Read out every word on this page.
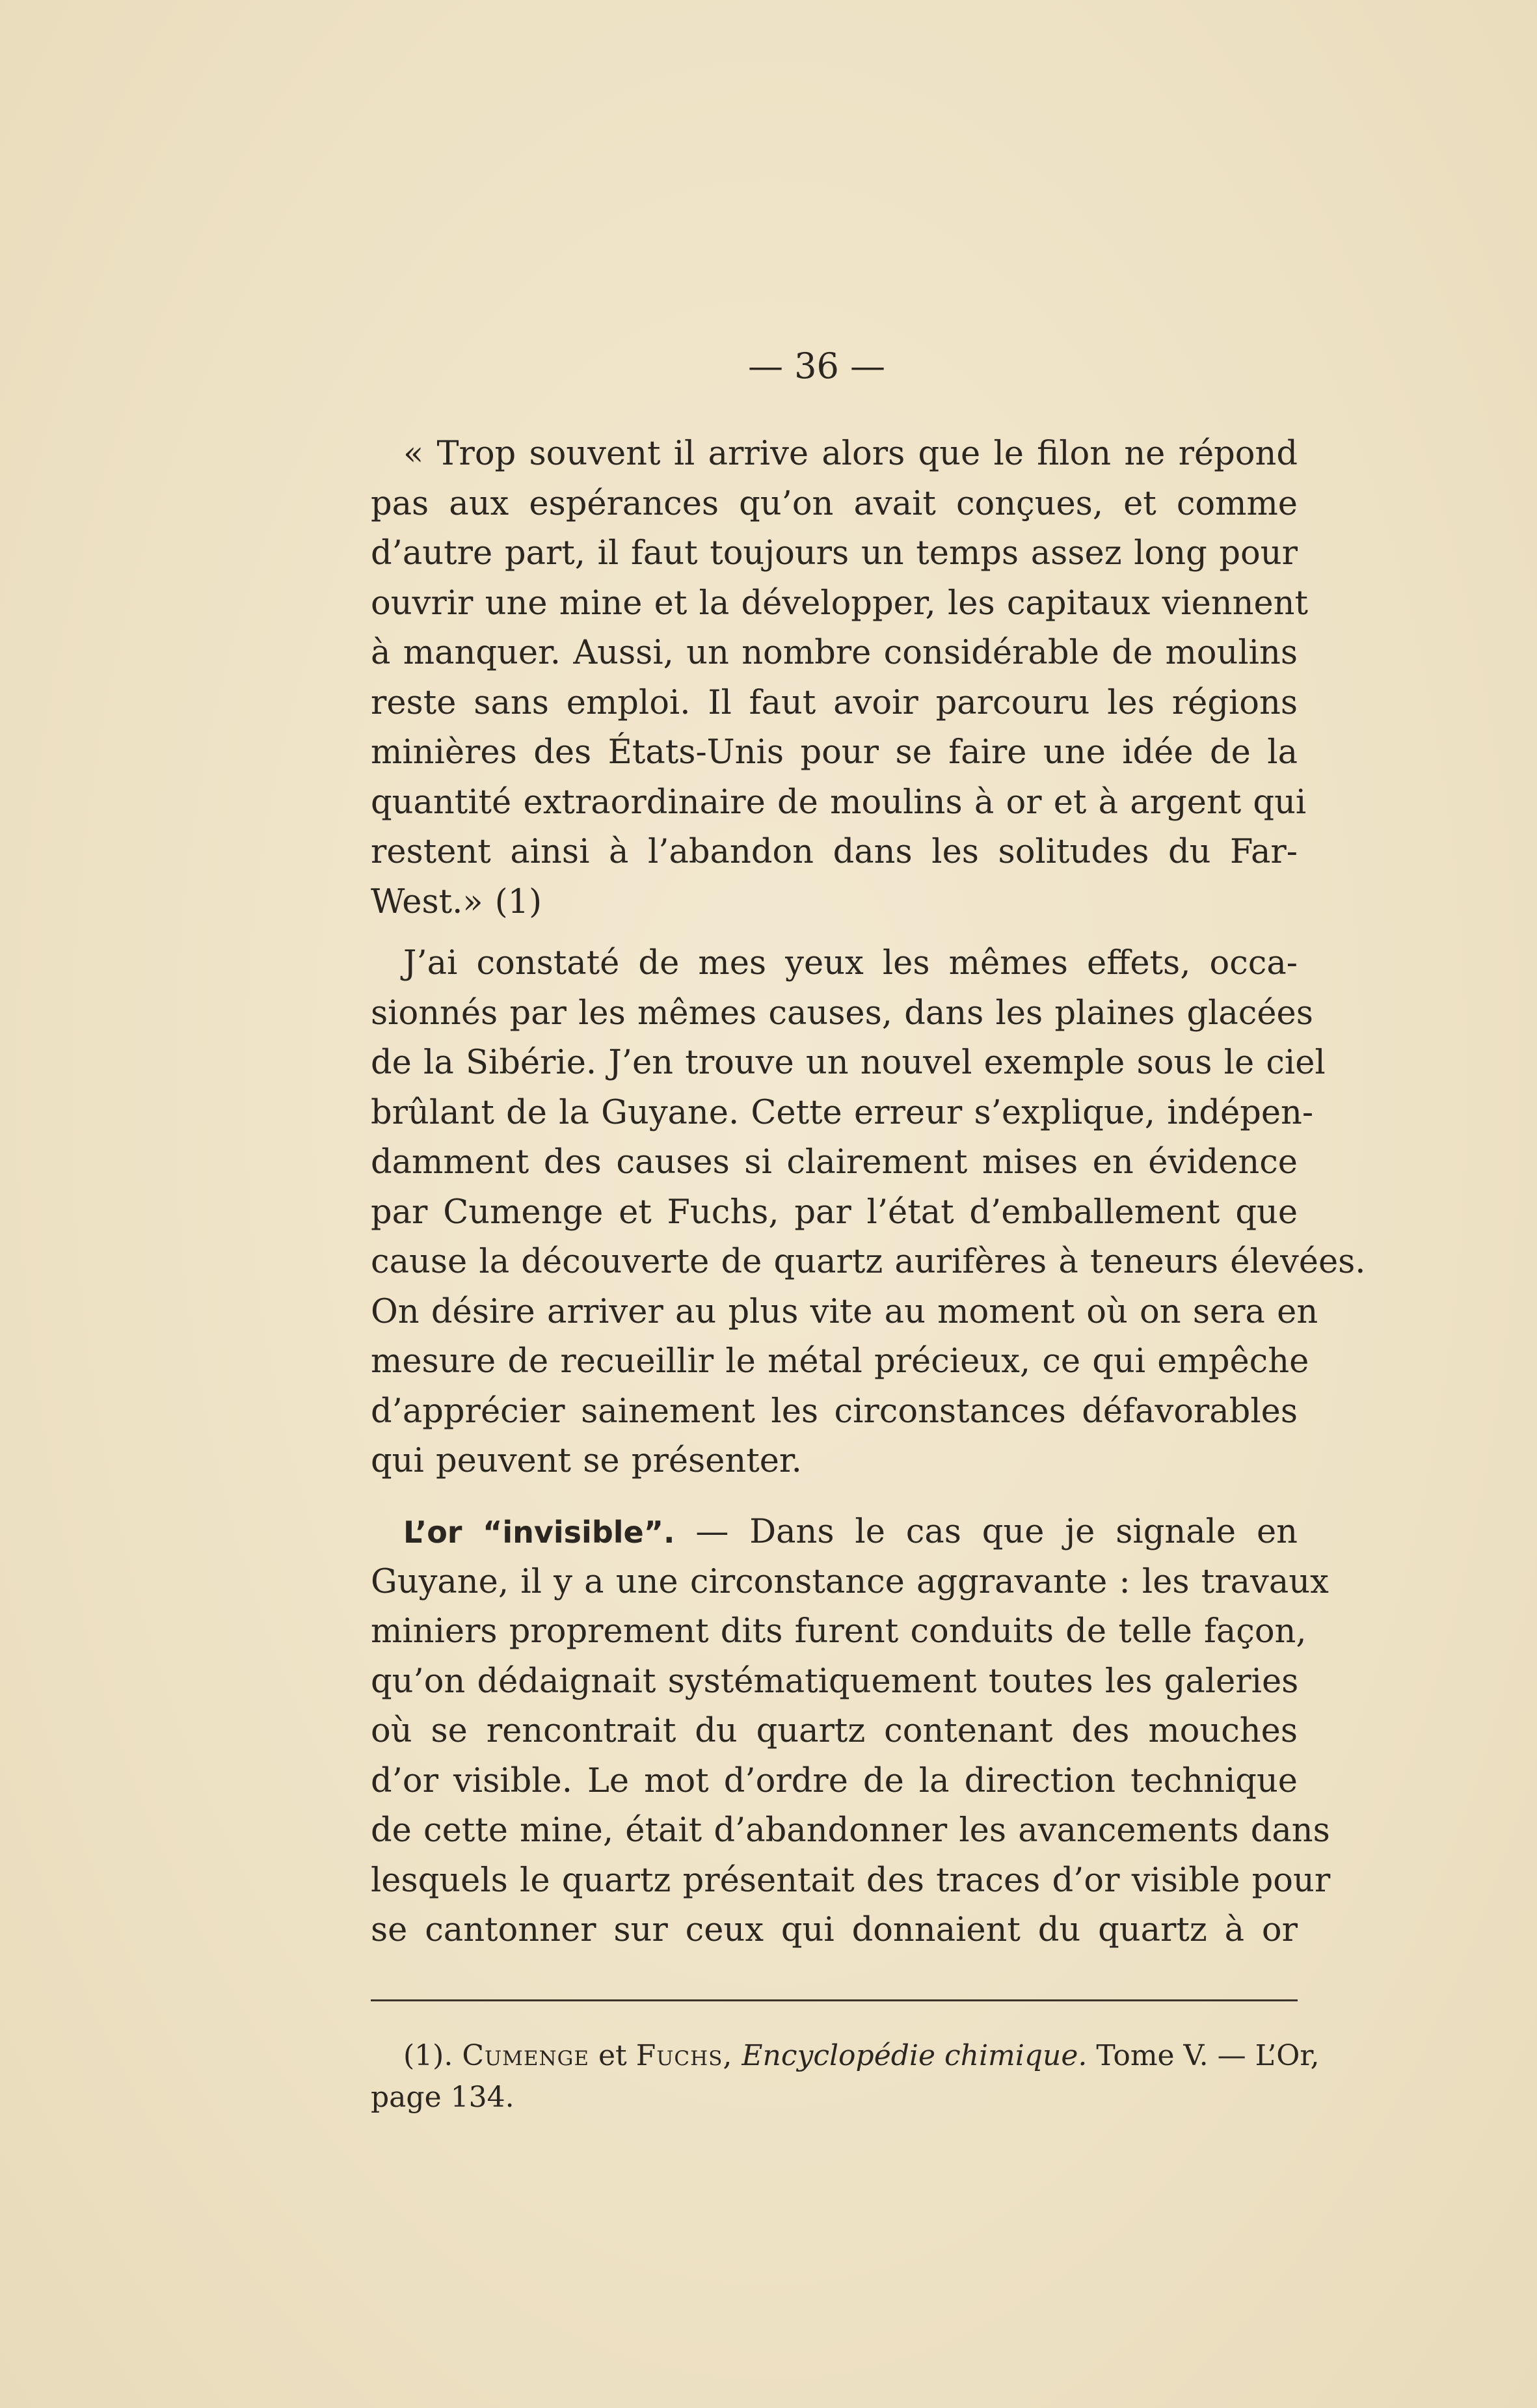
— 36 —

« Trop souvent il arrive alors que le filon ne répond
pas aux espérances qu’on avait conçues, et comme
d’autre part, il faut toujours un temps assez long pour
ouvrir une mine et la développer, les capitaux viennent
à manquer. Aussi, un nombre considérable de moulins
reste sans emploi. Il faut avoir parcouru les régions
minières des États-Unis pour se faire une idée de la
quantité extraordinaire de moulins à or et à argent qui
restent ainsi à l’abandon dans les solitudes du Far-
West.» (1)

J’ai constaté de mes yeux les mêmes effets, occa-
sionnés par les mêmes causes, dans les plaines glacées
de la Sibérie. J’en trouve un nouvel exemple sous le ciel
brûlant de la Guyane. Cette erreur s’explique, indépen-
damment des causes si clairement mises en évidence
par Cumenge et Fuchs, par l’état d’emballement que
cause la découverte de quartz aurifères à teneurs élevées.
On désire arriver au plus vite au moment où on sera en
mesure de recueillir le métal précieux, ce qui empêche
d’apprécier sainement les circonstances défavorables
qui peuvent se présenter.

L’or “invisible”. — Dans le cas que je signale en
Guyane, il y a une circonstance aggravante : les travaux
miniers proprement dits furent conduits de telle façon,
qu’on dédaignait systématiquement toutes les galeries
où se rencontrait du quartz contenant des mouches
d’or visible. Le mot d’ordre de la direction technique
de cette mine, était d’abandonner les avancements dans
lesquels le quartz présentait des traces d’or visible pour
se cantonner sur ceux qui donnaient du quartz à or

(1). Cumenge et Fuchs, Encyclopédie chimique. Tome V. — L’Or,
page 134.
